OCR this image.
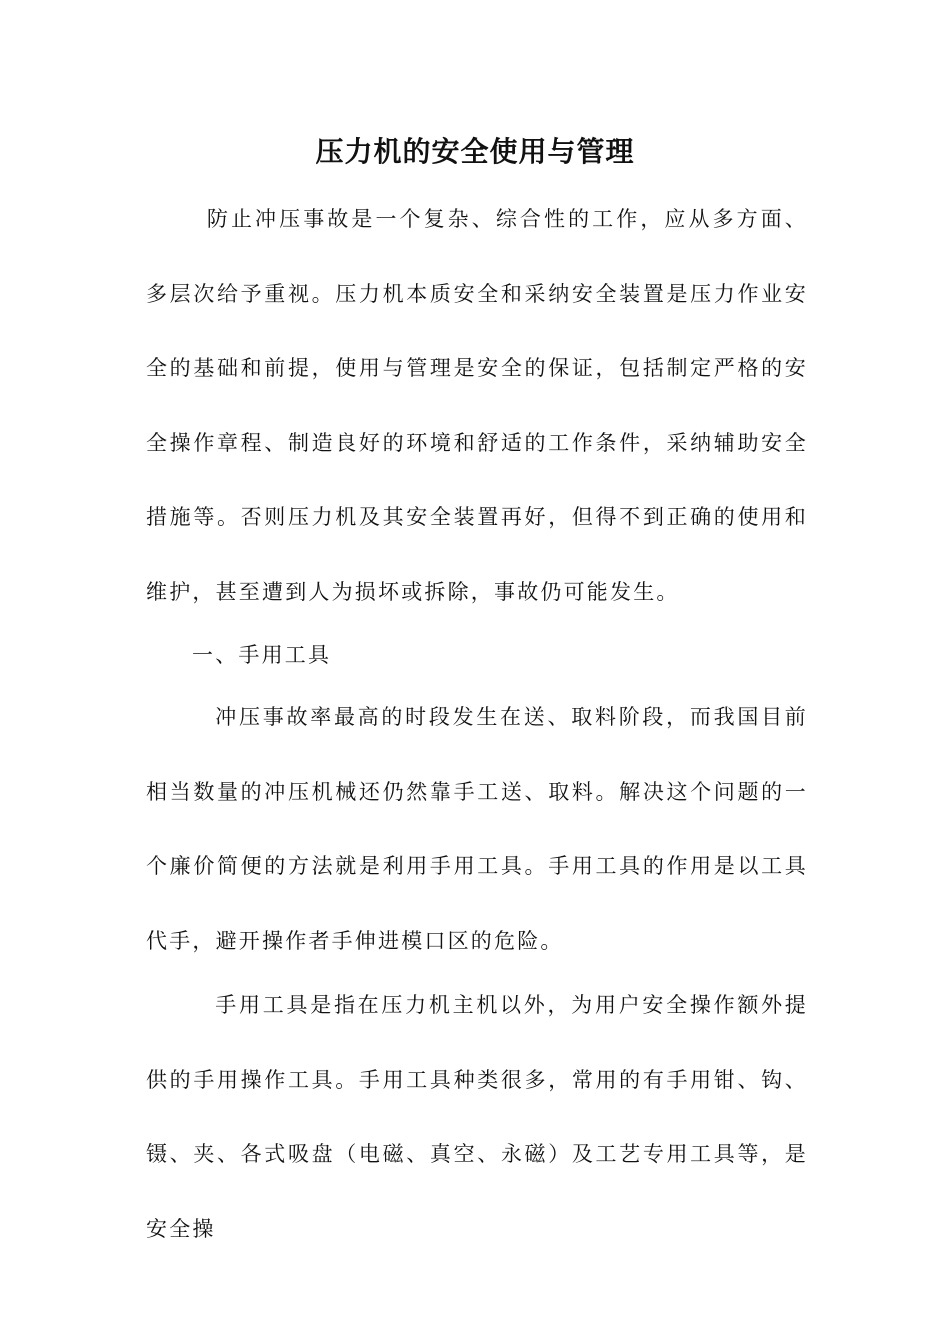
压力机的安全使用与管理

防止冲压事故是一个复杂、综合性的工作，应从多方面、多层次给予重视。压力机本质安全和采纳安全装置是压力作业安全的基础和前提，使用与管理是安全的保证，包括制定严格的安全操作章程、制造良好的环境和舒适的工作条件，采纳辅助安全措施等。否则压力机及其安全装置再好，但得不到正确的使用和维护，甚至遭到人为损坏或拆除，事故仍可能发生。

一、手用工具

冲压事故率最高的时段发生在送、取料阶段，而我国目前相当数量的冲压机械还仍然靠手工送、取料。解决这个问题的一个廉价简便的方法就是利用手用工具。手用工具的作用是以工具代手，避开操作者手伸进模口区的危险。

手用工具是指在压力机主机以外，为用户安全操作额外提供的手用操作工具。手用工具种类很多，常用的有手用钳、钩、镊、夹、各式吸盘（电磁、真空、永磁）及工艺专用工具等，是安全操
